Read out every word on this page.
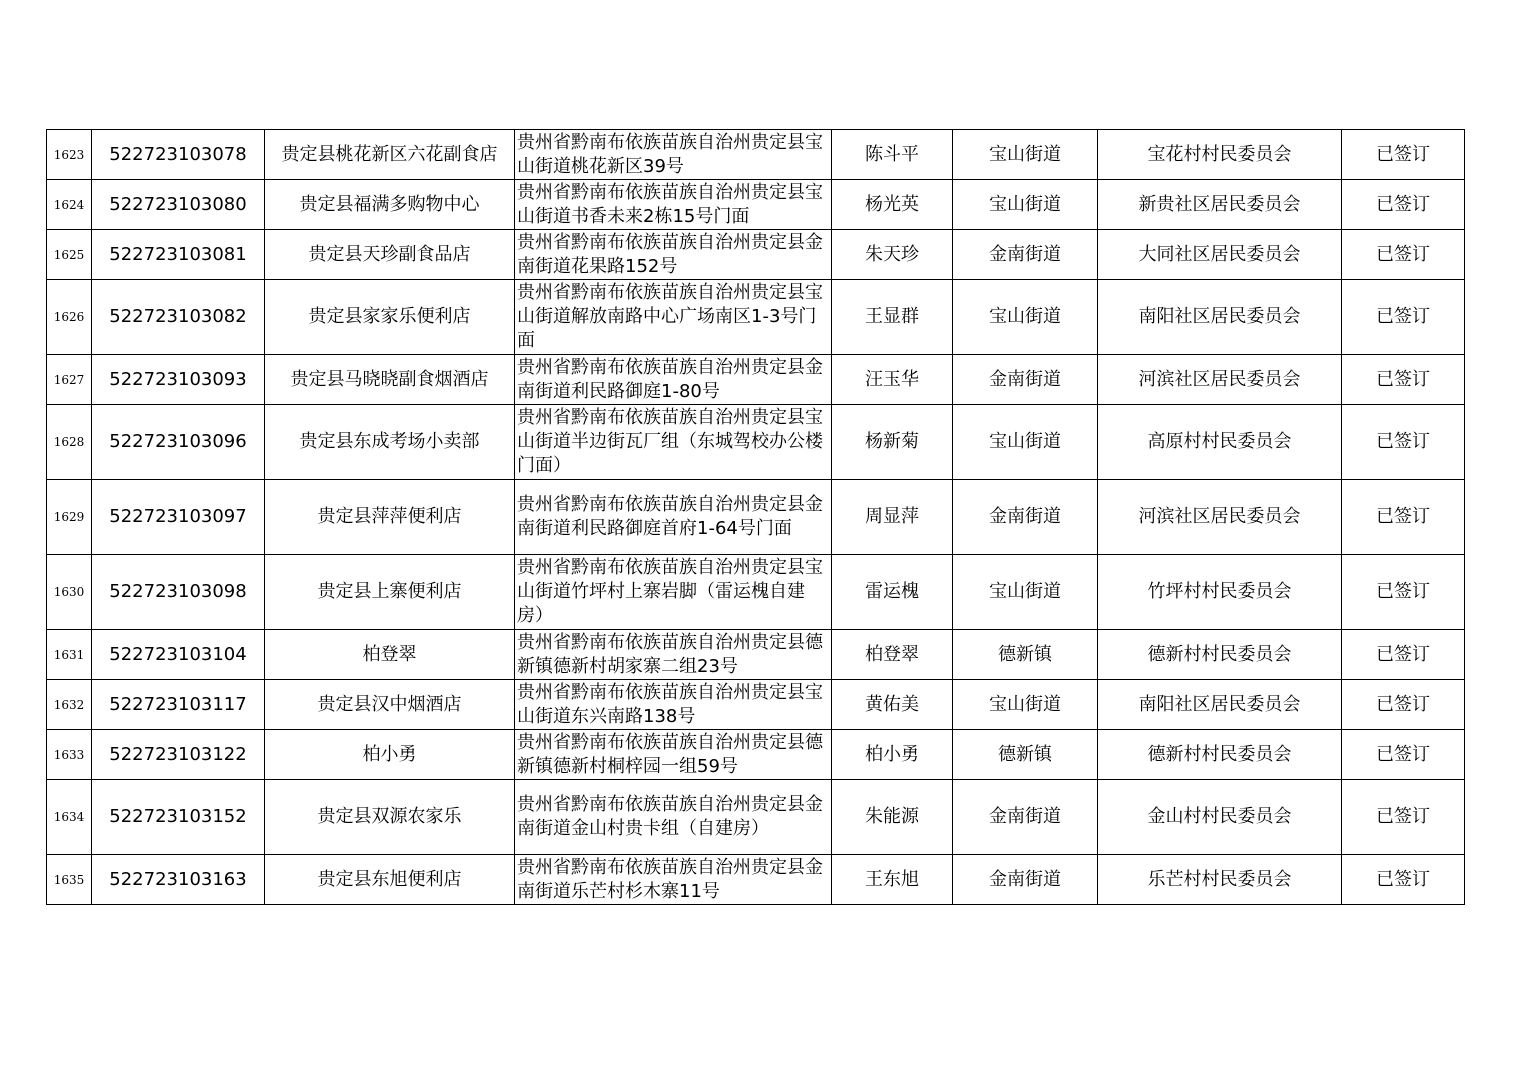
1623	522723103078	贵定县桃花新区六花副食店	贵州省黔南布依族苗族自治州贵定县宝山街道桃花新区39号	陈斗平	宝山街道	宝花村村民委员会	已签订
1624	522723103080	贵定县福满多购物中心	贵州省黔南布依族苗族自治州贵定县宝山街道书香未来2栋15号门面	杨光英	宝山街道	新贵社区居民委员会	已签订
1625	522723103081	贵定县天珍副食品店	贵州省黔南布依族苗族自治州贵定县金南街道花果路152号	朱天珍	金南街道	大同社区居民委员会	已签订
1626	522723103082	贵定县家家乐便利店	贵州省黔南布依族苗族自治州贵定县宝山街道解放南路中心广场南区1-3号门面	王显群	宝山街道	南阳社区居民委员会	已签订
1627	522723103093	贵定县马晓晓副食烟酒店	贵州省黔南布依族苗族自治州贵定县金南街道利民路御庭1-80号	汪玉华	金南街道	河滨社区居民委员会	已签订
1628	522723103096	贵定县东成考场小卖部	贵州省黔南布依族苗族自治州贵定县宝山街道半边街瓦厂组（东城驾校办公楼门面）	杨新菊	宝山街道	高原村村民委员会	已签订
1629	522723103097	贵定县萍萍便利店	贵州省黔南布依族苗族自治州贵定县金南街道利民路御庭首府1-64号门面	周显萍	金南街道	河滨社区居民委员会	已签订
1630	522723103098	贵定县上寨便利店	贵州省黔南布依族苗族自治州贵定县宝山街道竹坪村上寨岩脚（雷运槐自建房）	雷运槐	宝山街道	竹坪村村民委员会	已签订
1631	522723103104	柏登翠	贵州省黔南布依族苗族自治州贵定县德新镇德新村胡家寨二组23号	柏登翠	德新镇	德新村村民委员会	已签订
1632	522723103117	贵定县汉中烟酒店	贵州省黔南布依族苗族自治州贵定县宝山街道东兴南路138号	黄佑美	宝山街道	南阳社区居民委员会	已签订
1633	522723103122	柏小勇	贵州省黔南布依族苗族自治州贵定县德新镇德新村桐梓园一组59号	柏小勇	德新镇	德新村村民委员会	已签订
1634	522723103152	贵定县双源农家乐	贵州省黔南布依族苗族自治州贵定县金南街道金山村贵卡组（自建房）	朱能源	金南街道	金山村村民委员会	已签订
1635	522723103163	贵定县东旭便利店	贵州省黔南布依族苗族自治州贵定县金南街道乐芒村杉木寨11号	王东旭	金南街道	乐芒村村民委员会	已签订
